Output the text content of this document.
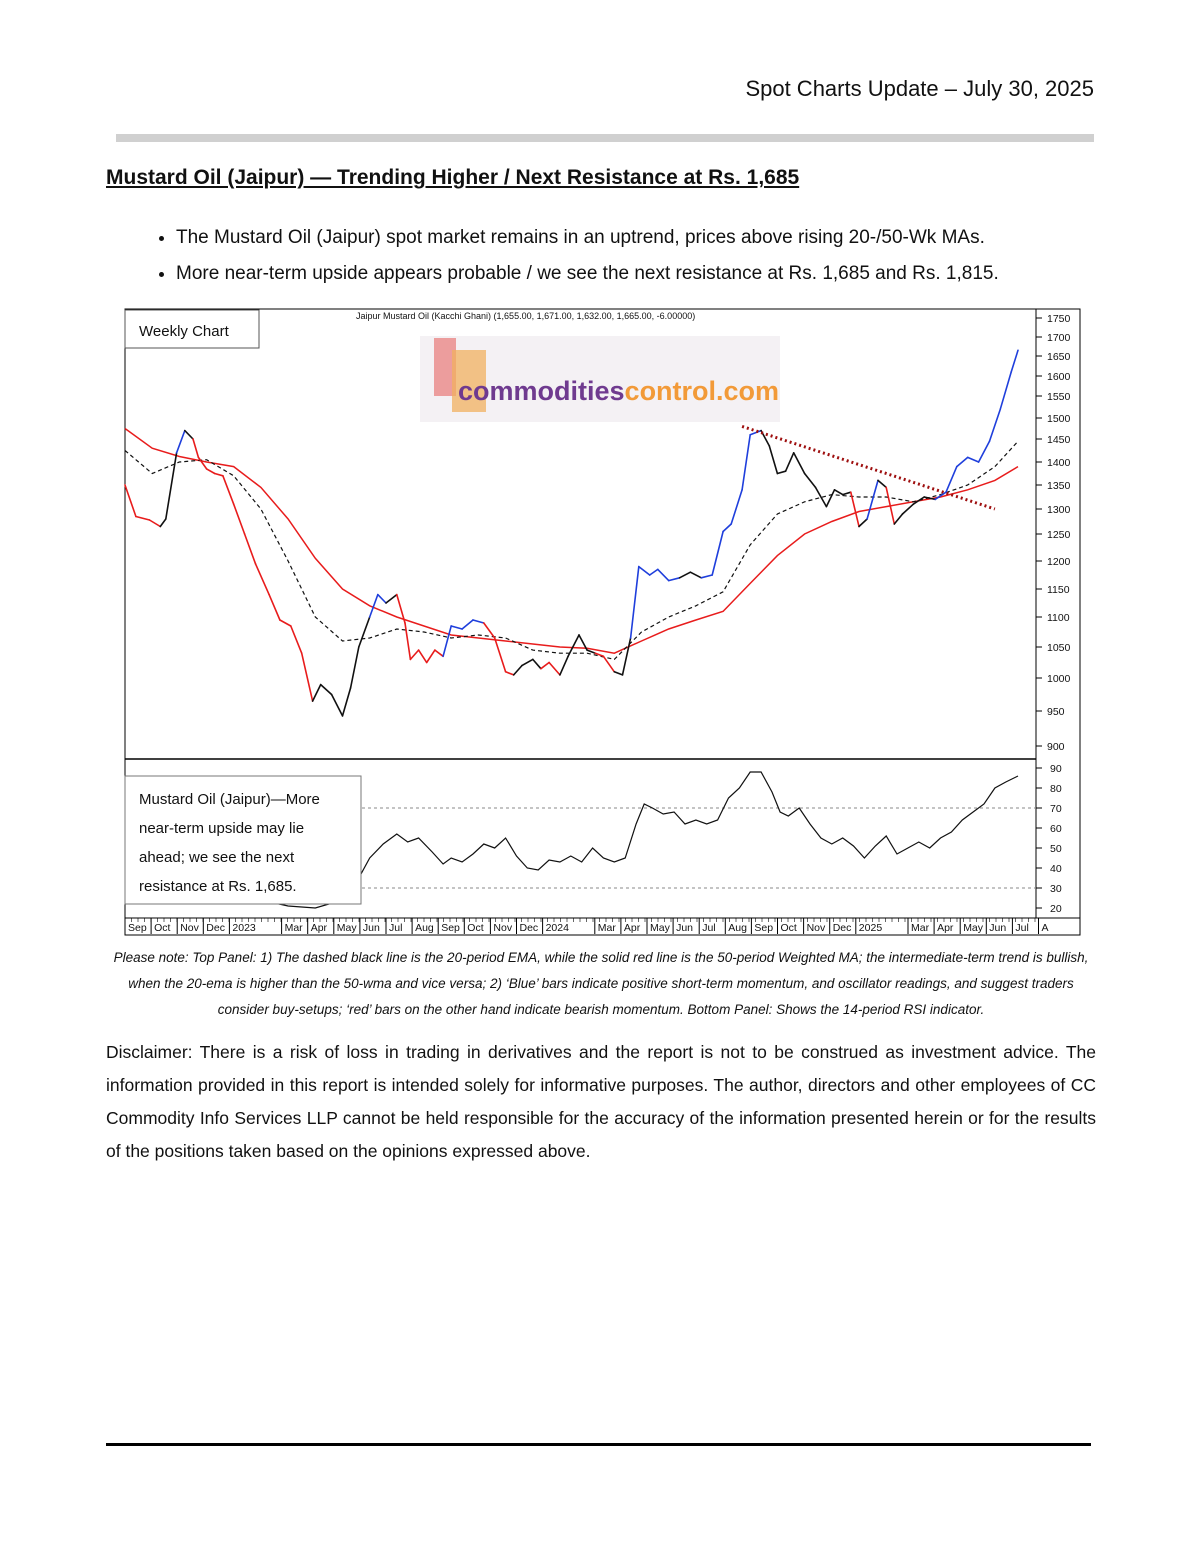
Spot Charts Update – July 30, 2025
Mustard Oil (Jaipur) — Trending Higher / Next Resistance at Rs. 1,685
• The Mustard Oil (Jaipur) spot market remains in an uptrend, prices above rising 20-/50-Wk MAs.
• More near-term upside appears probable / we see the next resistance at Rs. 1,685 and Rs. 1,815.
commoditiescontrol.com
Jaipur Mustard Oil (Kacchi Ghani) (1,655.00, 1,671.00, 1,632.00, 1,665.00, -6.00000)
Weekly Chart
900
950
1000
1050
1100
1150
1200
1250
1300
1350
1400
1450
1500
1550
1600
1650
1700
1750
20
30
40
50
60
70
80
90
Sep Oct Nov Dec 2023	Mar Apr May Jun Jul Aug Sep Oct Nov Dec 2024	Mar Apr May Jun Jul Aug Sep Oct Nov Dec 2025	Mar Apr May Jun Jul A
Mustard Oil (Jaipur)—More near-term upside may lie ahead; we see the next resistance at Rs. 1,685.
Please note: Top Panel: 1) The dashed black line is the 20-period EMA, while the solid red line is the 50-period Weighted MA; the intermediate-term trend is bullish, when the 20-ema is higher than the 50-wma and vice versa; 2) ‘Blue’ bars indicate positive short-term momentum, and oscillator readings, and suggest traders consider buy-setups; ‘red’ bars on the other hand indicate bearish momentum. Bottom Panel: Shows the 14-period RSI indicator.
Disclaimer: There is a risk of loss in trading in derivatives and the report is not to be construed as investment advice. The information provided in this report is intended solely for informative purposes. The author, directors and other employees of CC Commodity Info Services LLP cannot be held responsible for the accuracy of the information presented herein or for the results of the positions taken based on the opinions expressed above.
